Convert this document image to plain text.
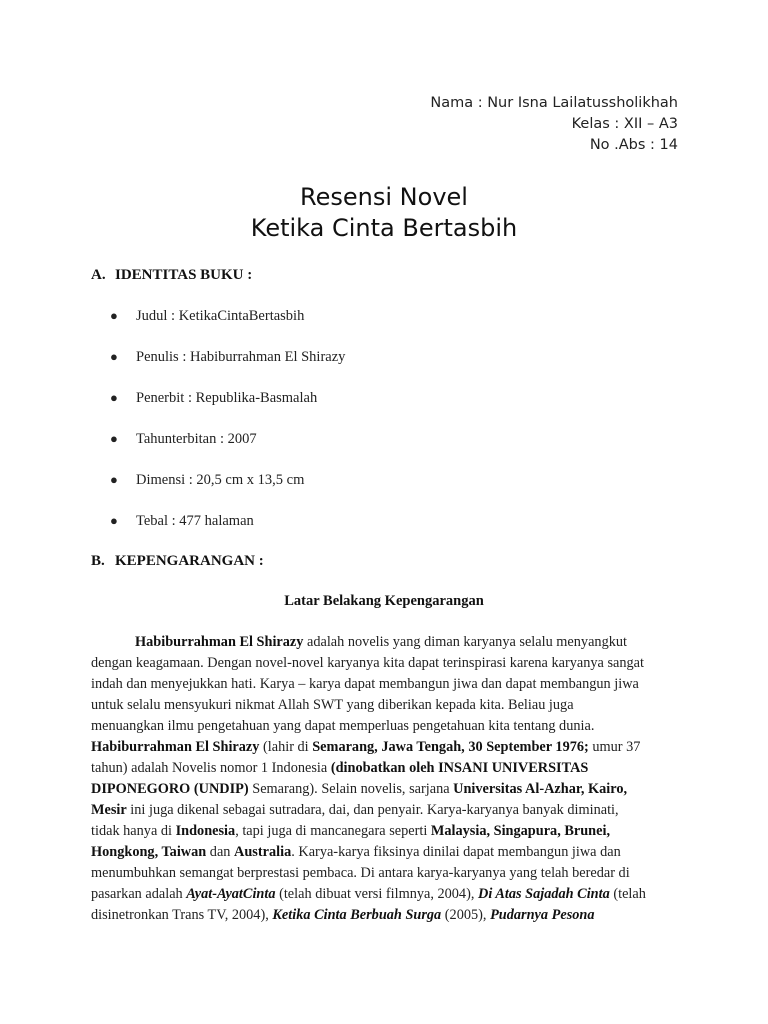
Nama : Nur Isna Lailatussholikhah
Kelas : XII – A3
No .Abs : 14
Resensi Novel
Ketika Cinta Bertasbih
A. IDENTITAS BUKU :
● Judul : KetikaCintaBertasbih
● Penulis : Habiburrahman El Shirazy
● Penerbit : Republika-Basmalah
● Tahunterbitan : 2007
● Dimensi : 20,5 cm x 13,5 cm
● Tebal : 477 halaman
B. KEPENGARANGAN :
Latar Belakang Kepengarangan
Habiburrahman El Shirazy adalah novelis yang diman karyanya selalu menyangkut
dengan keagamaan. Dengan novel-novel karyanya kita dapat terinspirasi karena karyanya sangat
indah dan menyejukkan hati. Karya – karya dapat membangun jiwa dan dapat membangun jiwa
untuk selalu mensyukuri nikmat Allah SWT yang diberikan kepada kita. Beliau juga
menuangkan ilmu pengetahuan yang dapat memperluas pengetahuan kita tentang dunia.
Habiburrahman El Shirazy (lahir di Semarang, Jawa Tengah, 30 September 1976; umur 37
tahun) adalah Novelis nomor 1 Indonesia (dinobatkan oleh INSANI UNIVERSITAS
DIPONEGORO (UNDIP) Semarang). Selain novelis, sarjana Universitas Al-Azhar, Kairo,
Mesir ini juga dikenal sebagai sutradara, dai, dan penyair. Karya-karyanya banyak diminati,
tidak hanya di Indonesia, tapi juga di mancanegara seperti Malaysia, Singapura, Brunei,
Hongkong, Taiwan dan Australia. Karya-karya fiksinya dinilai dapat membangun jiwa dan
menumbuhkan semangat berprestasi pembaca. Di antara karya-karyanya yang telah beredar di
pasarkan adalah Ayat-AyatCinta (telah dibuat versi filmnya, 2004), Di Atas Sajadah Cinta (telah
disinetronkan Trans TV, 2004), Ketika Cinta Berbuah Surga (2005), Pudarnya Pesona
